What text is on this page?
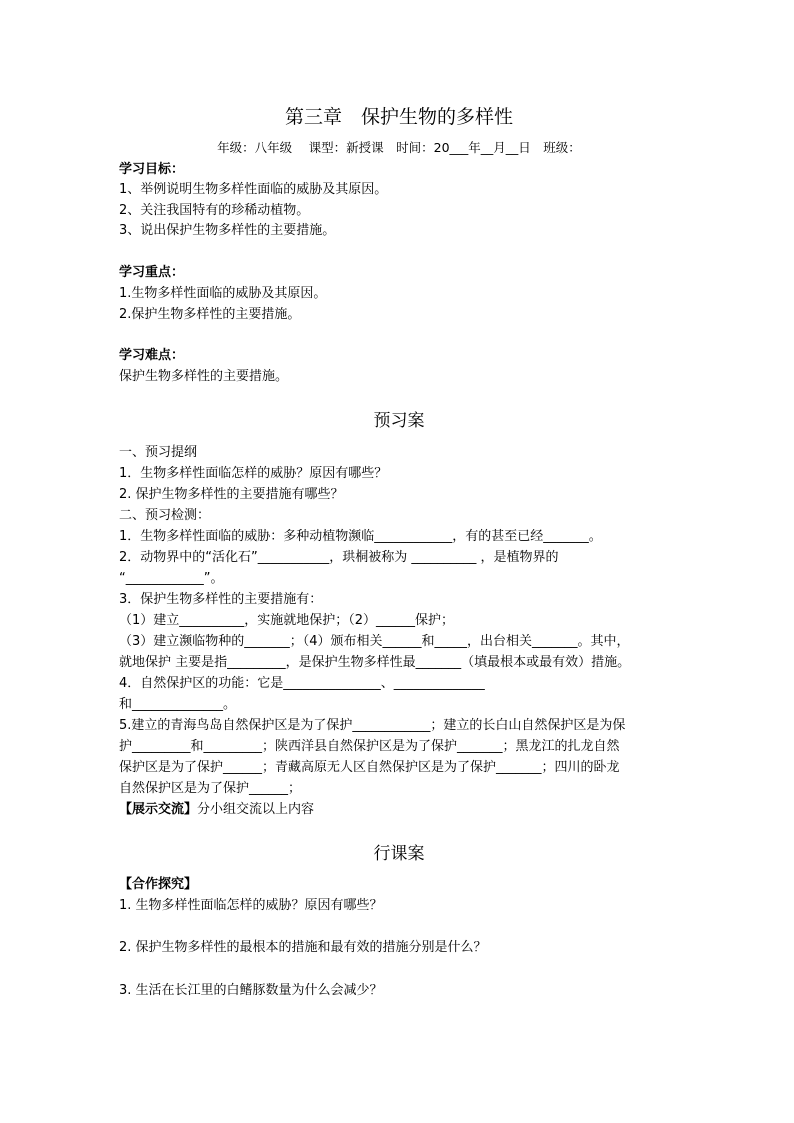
第三章　保护生物的多样性
年级：八年级　 课型：新授课　时间：20___年__月__日　班级：
学习目标：
1、举例说明生物多样性面临的威胁及其原因。
2、关注我国特有的珍稀动植物。
3、说出保护生物多样性的主要措施。
学习重点：
1.生物多样性面临的威胁及其原因。
2.保护生物多样性的主要措施。
学习难点：
保护生物多样性的主要措施。
预习案
一、预习提纲
1．生物多样性面临怎样的威胁？原因有哪些？
2. 保护生物多样性的主要措施有哪些？
二、预习检测：
1．生物多样性面临的威胁：多种动植物濒临____________，有的甚至已经_______。
2．动物界中的“活化石”___________，珙桐被称为 __________ ，是植物界的
“____________”。
3．保护生物多样性的主要措施有：
（1）建立__________，实施就地保护；（2）______保护；
（3）建立濒临物种的_______；（4）颁布相关______和_____，出台相关_______。其中，
就地保护 主要是指_________，是保护生物多样性最_______（填最根本或最有效）措施。
4．自然保护区的功能：它是_______________、______________
和______________。
5.建立的青海鸟岛自然保护区是为了保护____________；建立的长白山自然保护区是为保
护_________和_________；陕西洋县自然保护区是为了保护_______；黑龙江的扎龙自然
保护区是为了保护______；青藏高原无人区自然保护区是为了保护_______；四川的卧龙
自然保护区是为了保护______；
【展示交流】分小组交流以上内容
行课案
【合作探究】
1. 生物多样性面临怎样的威胁？原因有哪些？
2. 保护生物多样性的最根本的措施和最有效的措施分别是什么？
3. 生活在长江里的白鳍豚数量为什么会减少？
